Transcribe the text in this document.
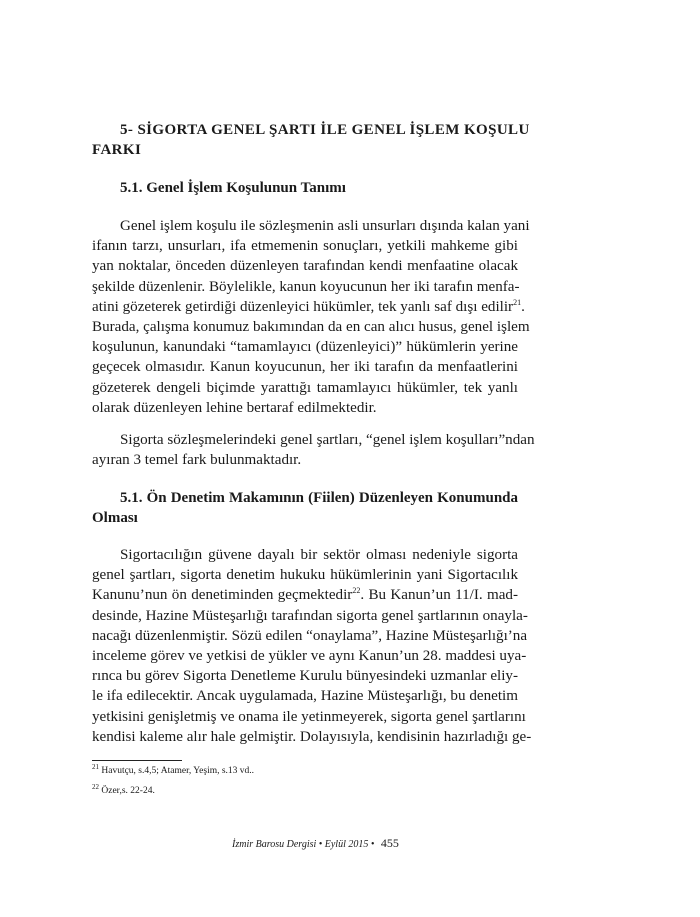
5- SİGORTA GENEL ŞARTI İLE GENEL İŞLEM KOŞULU
FARKI
5.1. Genel İşlem Koşulunun Tanımı
Genel işlem koşulu ile sözleşmenin asli unsurları dışında kalan yani
ifanın tarzı, unsurları, ifa etmemenin sonuçları, yetkili mahkeme gibi
yan noktalar, önceden düzenleyen tarafından kendi menfaatine olacak
şekilde düzenlenir. Böylelikle, kanun koyucunun her iki tarafın menfa-
atini gözeterek getirdiği düzenleyici hükümler, tek yanlı saf dışı edilir$^{21}$.
Burada, çalışma konumuz bakımından da en can alıcı husus, genel işlem
koşulunun, kanundaki “tamamlayıcı (düzenleyici)” hükümlerin yerine
geçecek olmasıdır. Kanun koyucunun, her iki tarafın da menfaatlerini
gözeterek dengeli biçimde yarattığı tamamlayıcı hükümler, tek yanlı
olarak düzenleyen lehine bertaraf edilmektedir.
Sigorta sözleşmelerindeki genel şartları, “genel işlem koşulları”ndan
ayıran 3 temel fark bulunmaktadır.
5.1. Ön Denetim Makamının (Fiilen) Düzenleyen Konumunda
Olması
Sigortacılığın güvene dayalı bir sektör olması nedeniyle sigorta
genel şartları, sigorta denetim hukuku hükümlerinin yani Sigortacılık
Kanunu’nun ön denetiminden geçmektedir$^{22}$. Bu Kanun’un 11/I. mad-
desinde, Hazine Müsteşarlığı tarafından sigorta genel şartlarının onayla-
nacağı düzenlenmiştir. Sözü edilen “onaylama”, Hazine Müsteşarlığı’na
inceleme görev ve yetkisi de yükler ve aynı Kanun’un 28. maddesi uya-
rınca bu görev Sigorta Denetleme Kurulu bünyesindeki uzmanlar eliy-
le ifa edilecektir. Ancak uygulamada, Hazine Müsteşarlığı, bu denetim
yetkisini genişletmiş ve onama ile yetinmeyerek, sigorta genel şartlarını
kendisi kaleme alır hale gelmiştir. Dolayısıyla, kendisinin hazırladığı ge-
$^{21}$ Havutçu, s.4,5; Atamer, Yeşim, s.13 vd..
$^{22}$ Özer,s. 22-24.
İzmir Barosu Dergisi • Eylül 2015 • 455
